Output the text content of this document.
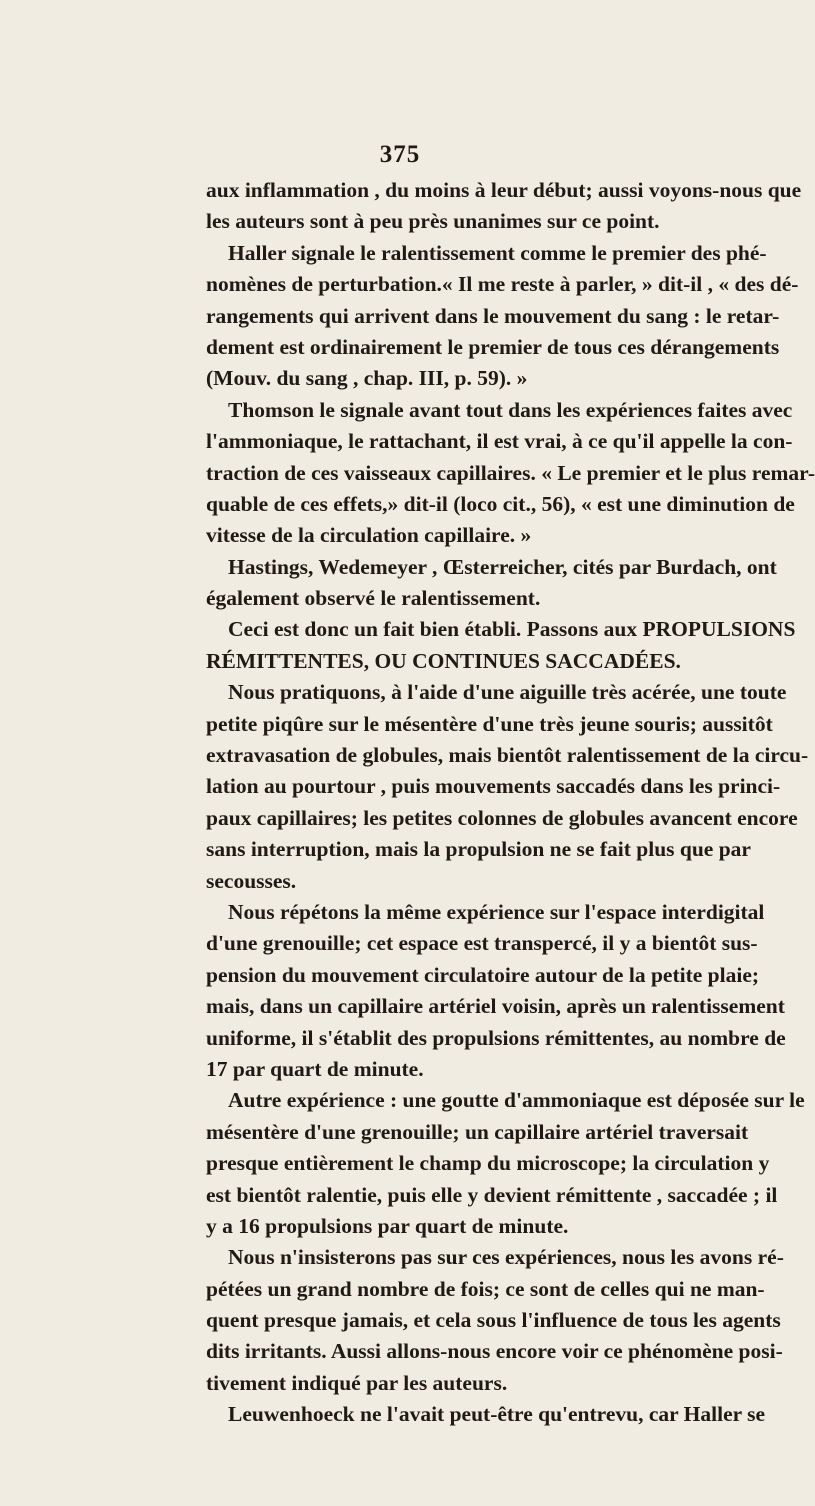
375
aux inflammation , du moins à leur début; aussi voyons-nous que
les auteurs sont à peu près unanimes sur ce point.
Haller signale le ralentissement comme le premier des phé-
nomènes de perturbation.« Il me reste à parler, » dit-il , « des dé-
rangements qui arrivent dans le mouvement du sang : le retar-
dement est ordinairement le premier de tous ces dérangements
(Mouv. du sang , chap. III, p. 59). »
Thomson le signale avant tout dans les expériences faites avec
l'ammoniaque, le rattachant, il est vrai, à ce qu'il appelle la con-
traction de ces vaisseaux capillaires. « Le premier et le plus remar-
quable de ces effets,» dit-il (loco cit., 56), « est une diminution de
vitesse de la circulation capillaire. »
Hastings, Wedemeyer , Œsterreicher, cités par Burdach, ont
également observé le ralentissement.
Ceci est donc un fait bien établi. Passons aux PROPULSIONS
RÉMITTENTES, OU CONTINUES SACCADÉES.
Nous pratiquons, à l'aide d'une aiguille très acérée, une toute
petite piqûre sur le mésentère d'une très jeune souris; aussitôt
extravasation de globules, mais bientôt ralentissement de la circu-
lation au pourtour , puis mouvements saccadés dans les princi-
paux capillaires; les petites colonnes de globules avancent encore
sans interruption, mais la propulsion ne se fait plus que par
secousses.
Nous répétons la même expérience sur l'espace interdigital
d'une grenouille; cet espace est transpercé, il y a bientôt sus-
pension du mouvement circulatoire autour de la petite plaie;
mais, dans un capillaire artériel voisin, après un ralentissement
uniforme, il s'établit des propulsions rémittentes, au nombre de
17 par quart de minute.
Autre expérience : une goutte d'ammoniaque est déposée sur le
mésentère d'une grenouille; un capillaire artériel traversait
presque entièrement le champ du microscope; la circulation y
est bientôt ralentie, puis elle y devient rémittente , saccadée ; il
y a 16 propulsions par quart de minute.
Nous n'insisterons pas sur ces expériences, nous les avons ré-
pétées un grand nombre de fois; ce sont de celles qui ne man-
quent presque jamais, et cela sous l'influence de tous les agents
dits irritants. Aussi allons-nous encore voir ce phénomène posi-
tivement indiqué par les auteurs.
Leuwenhoeck ne l'avait peut-être qu'entrevu, car Haller se
